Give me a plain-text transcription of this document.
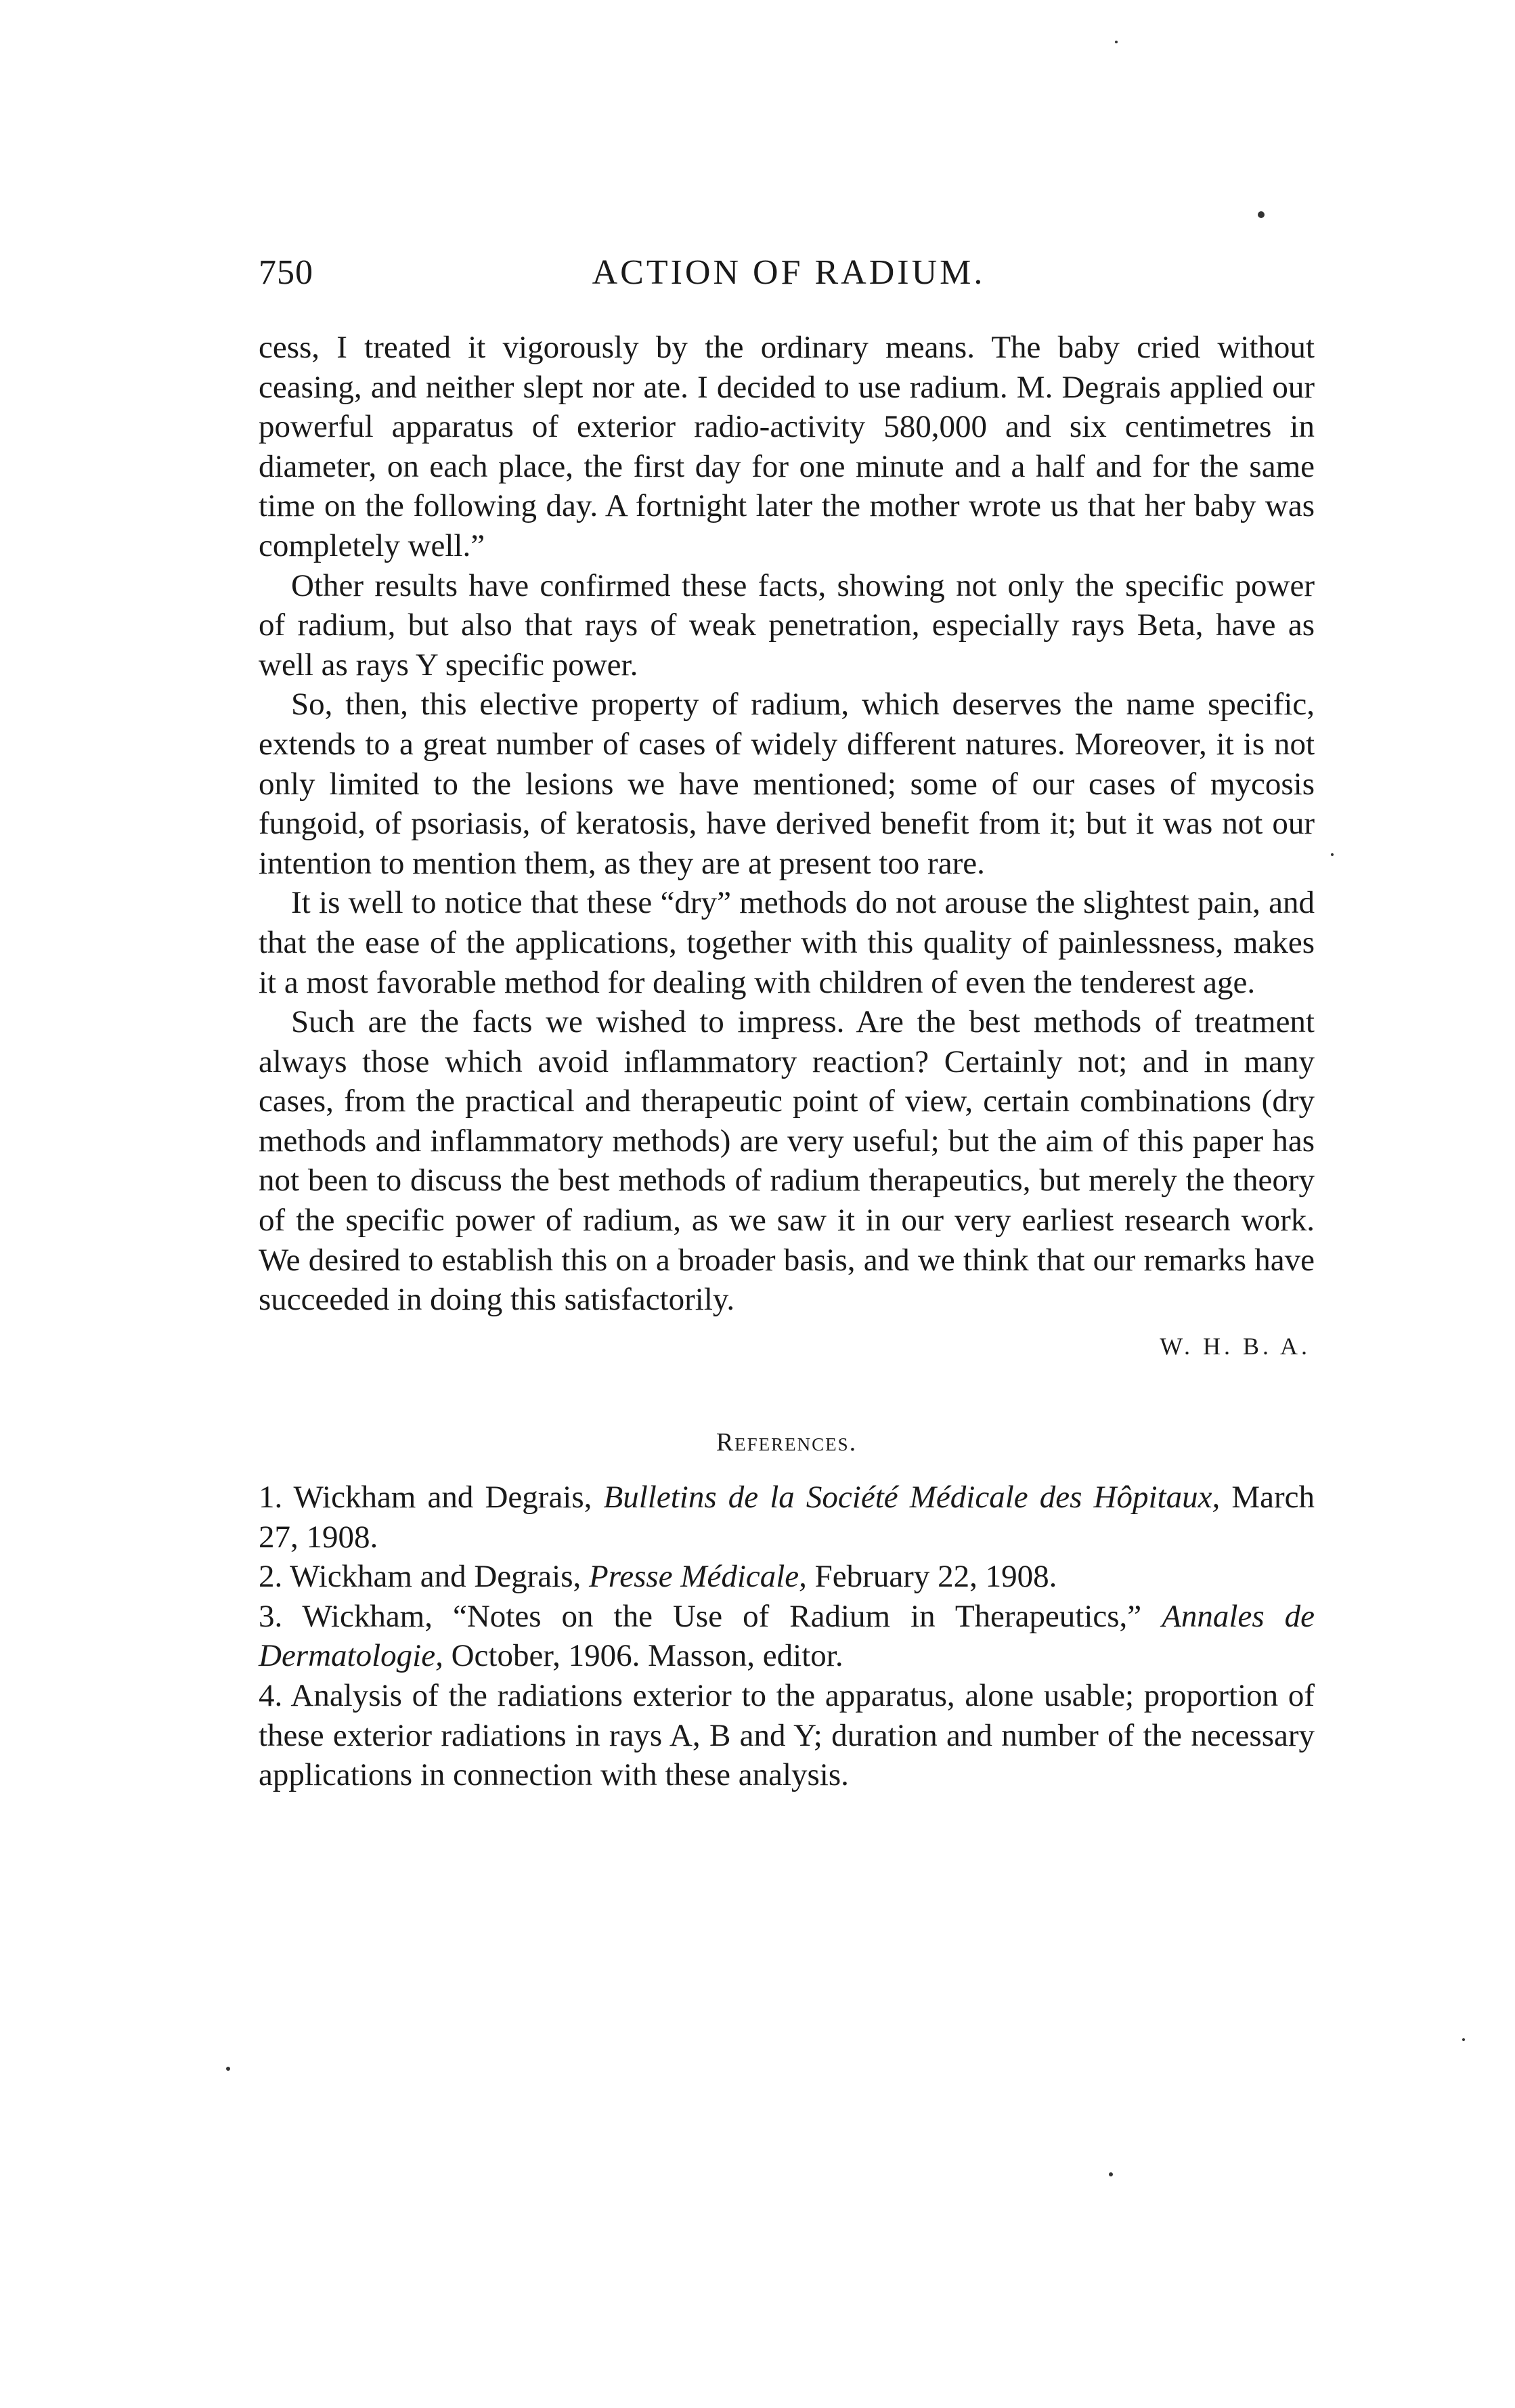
750	ACTION OF RADIUM.

cess, I treated it vigorously by the ordinary means. The baby cried without ceasing, and neither slept nor ate. I decided to use radium. M. Degrais applied our powerful apparatus of exterior radio-activity 580,000 and six centimetres in diameter, on each place, the first day for one minute and a half and for the same time on the following day. A fortnight later the mother wrote us that her baby was completely well.”

Other results have confirmed these facts, showing not only the specific power of radium, but also that rays of weak penetration, especially rays Beta, have as well as rays Y specific power.

So, then, this elective property of radium, which deserves the name specific, extends to a great number of cases of widely different natures. Moreover, it is not only limited to the lesions we have mentioned; some of our cases of mycosis fungoid, of psoriasis, of keratosis, have derived benefit from it; but it was not our intention to mention them, as they are at present too rare.

It is well to notice that these “dry” methods do not arouse the slightest pain, and that the ease of the applications, together with this quality of painlessness, makes it a most favorable method for dealing with children of even the tenderest age.

Such are the facts we wished to impress. Are the best methods of treatment always those which avoid inflammatory reaction? Certainly not; and in many cases, from the practical and therapeutic point of view, certain combinations (dry methods and inflammatory methods) are very useful; but the aim of this paper has not been to discuss the best methods of radium therapeutics, but merely the theory of the specific power of radium, as we saw it in our very earliest research work. We desired to establish this on a broader basis, and we think that our remarks have succeeded in doing this satisfactorily.

W. H. B. A.
References.

1. Wickham and Degrais, Bulletins de la Société Médicale des Hôpitaux, March 27, 1908.

2. Wickham and Degrais, Presse Médicale, February 22, 1908.

3. Wickham, “Notes on the Use of Radium in Therapeutics,” Annales de Dermatologie, October, 1906. Masson, editor.

4. Analysis of the radiations exterior to the apparatus, alone usable; proportion of these exterior radiations in rays A, B and Y; duration and number of the necessary applications in connection with these analysis.
